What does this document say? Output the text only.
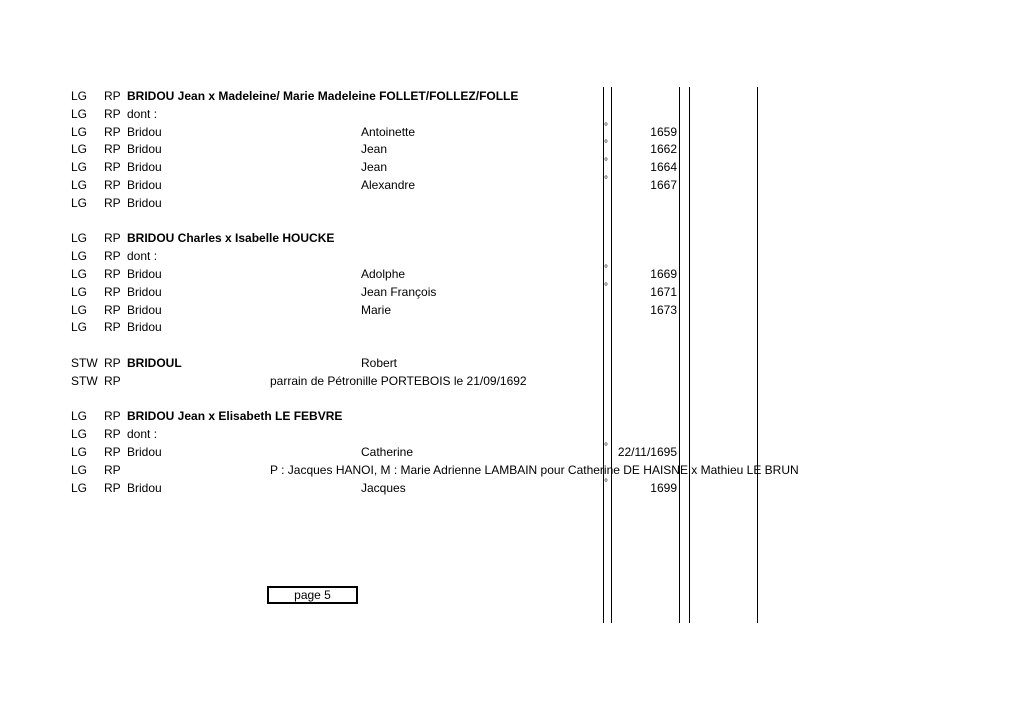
LG RP BRIDOU Jean x Madeleine/ Marie Madeleine FOLLET/FOLLEZ/FOLLE
LG RP dont :
LG RP Bridou	Antoinette	°	1659
LG RP Bridou	Jean	°	1662
LG RP Bridou	Jean	°	1664
LG RP Bridou	Alexandre	°	1667
LG RP Bridou
LG RP BRIDOU Charles x Isabelle HOUCKE
LG RP dont :
LG RP Bridou	Adolphe	°	1669
LG RP Bridou	Jean François	°	1671
LG RP Bridou	Marie	1673
LG RP Bridou
STW RP BRIDOUL	Robert
STW RP	parrain de Pétronille PORTEBOIS le 21/09/1692
LG RP BRIDOU Jean x Elisabeth LE FEBVRE
LG RP dont :
LG RP Bridou	Catherine	° 22/11/1695
LG RP	P : Jacques HANOI, M : Marie Adrienne LAMBAIN pour Catherine DE HAISNE x Mathieu LE BRUN
LG RP Bridou	Jacques	°	1699
page 5
